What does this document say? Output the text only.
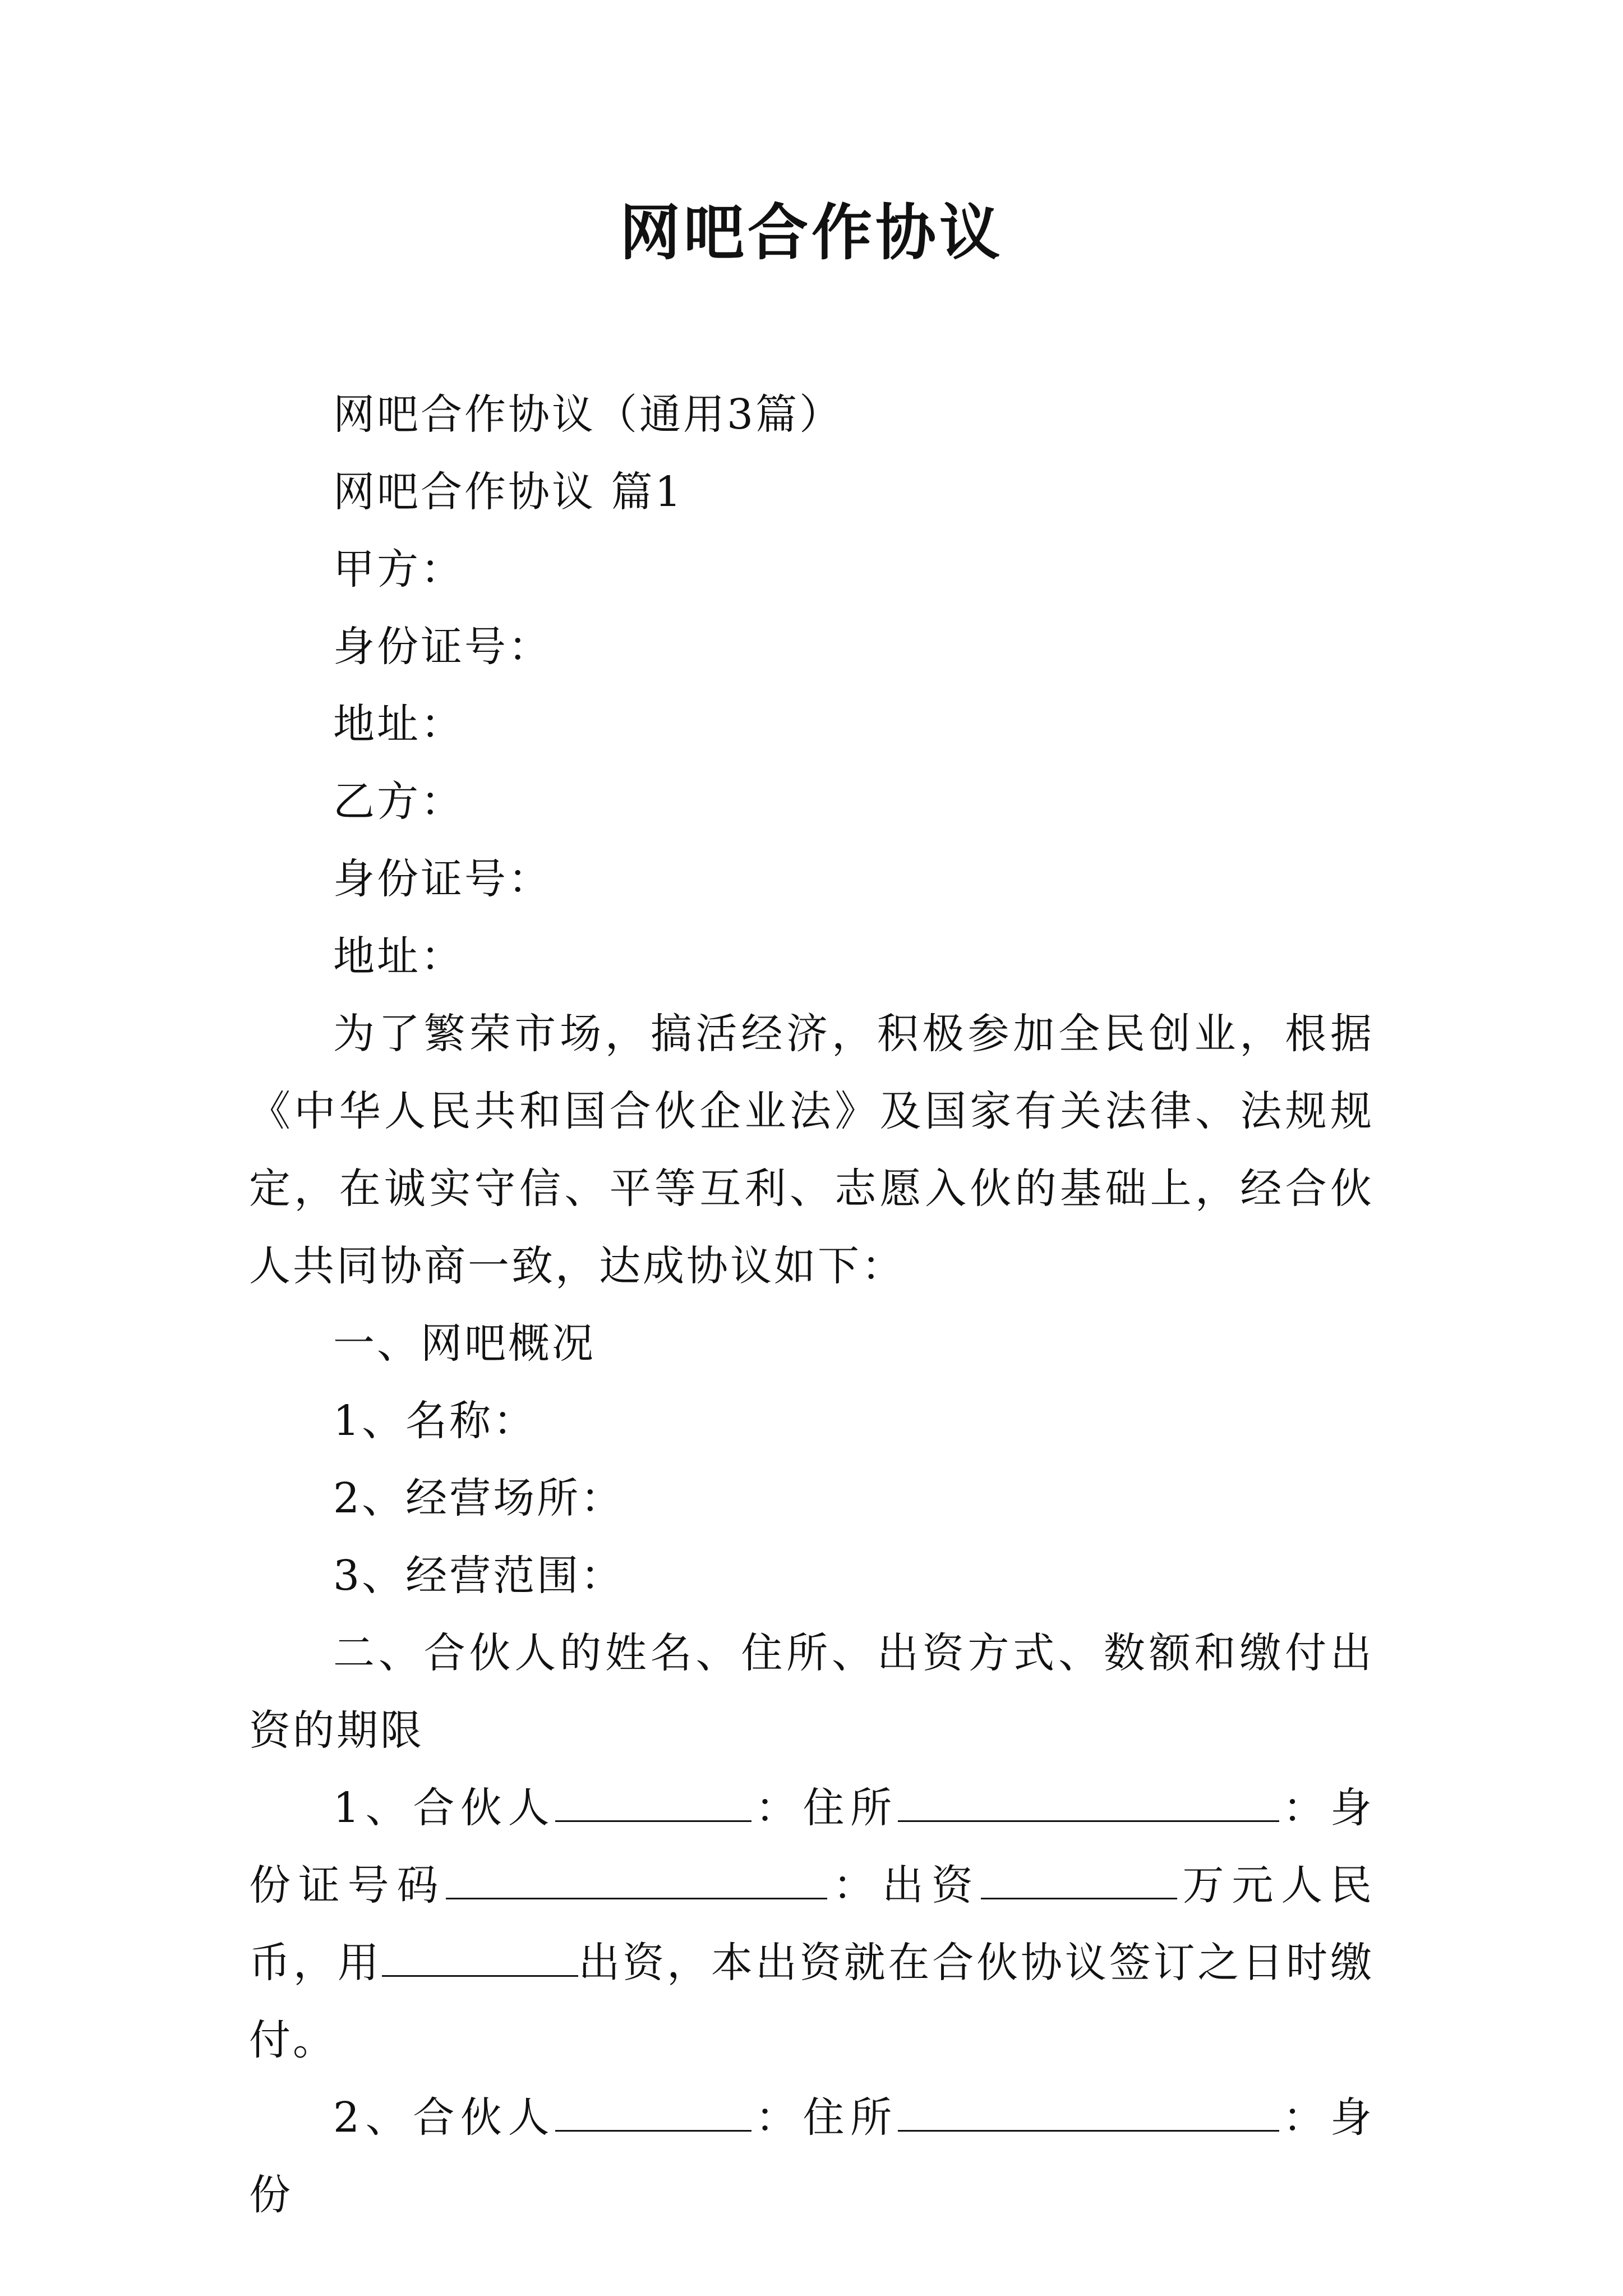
网吧合作协议

网吧合作协议（通用3篇）

网吧合作协议 篇1

甲方：

身份证号：

地址：

乙方：

身份证号：

地址：

为了繁荣市场，搞活经济，积极参加全民创业，根据《中华人民共和国合伙企业法》及国家有关法律、法规规定，在诚实守信、平等互利、志愿入伙的基础上，经合伙人共同协商一致，达成协议如下：

一、网吧概况

1、名称：

2、经营场所：

3、经营范围：

二、合伙人的姓名、住所、出资方式、数额和缴付出资的期限

1、合伙人	：住所	：身份证号码	：出资	万元人民币，用	出资，本出资就在合伙协议签订之日时缴付。

2、合伙人	：住所	：身份
